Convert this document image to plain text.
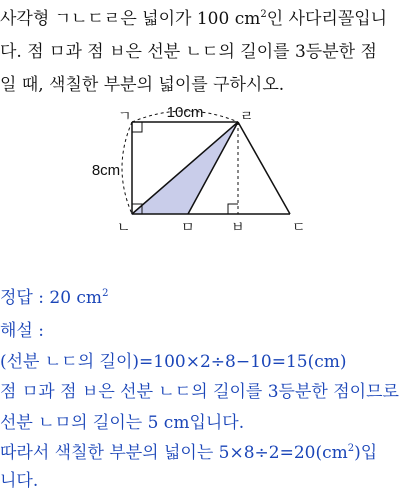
사각형 ㄱㄴㄷㄹ은 넓이가 100 $cm^2$인 사다리꼴입니
다. 점 ㅁ과 점 ㅂ은 선분 ㄴㄷ의 길이를 3등분한 점
일 때, 색칠한 부분의 넓이를 구하시오.
10cm
8cm
ㄱ	ㄹ
ㄴ	ㅁ	ㅂ	ㄷ
정답 : 20 $cm^2$
해설 :
(선분 ㄴㄷ의 길이)=100×2÷8−10=15(cm)
점 ㅁ과 점 ㅂ은 선분 ㄴㄷ의 길이를 3등분한 점이므로
선분 ㄴㅁ의 길이는 5 cm입니다.
따라서 색칠한 부분의 넓이는 $5\times 8\div 2=20(cm^2)$입
니다.
